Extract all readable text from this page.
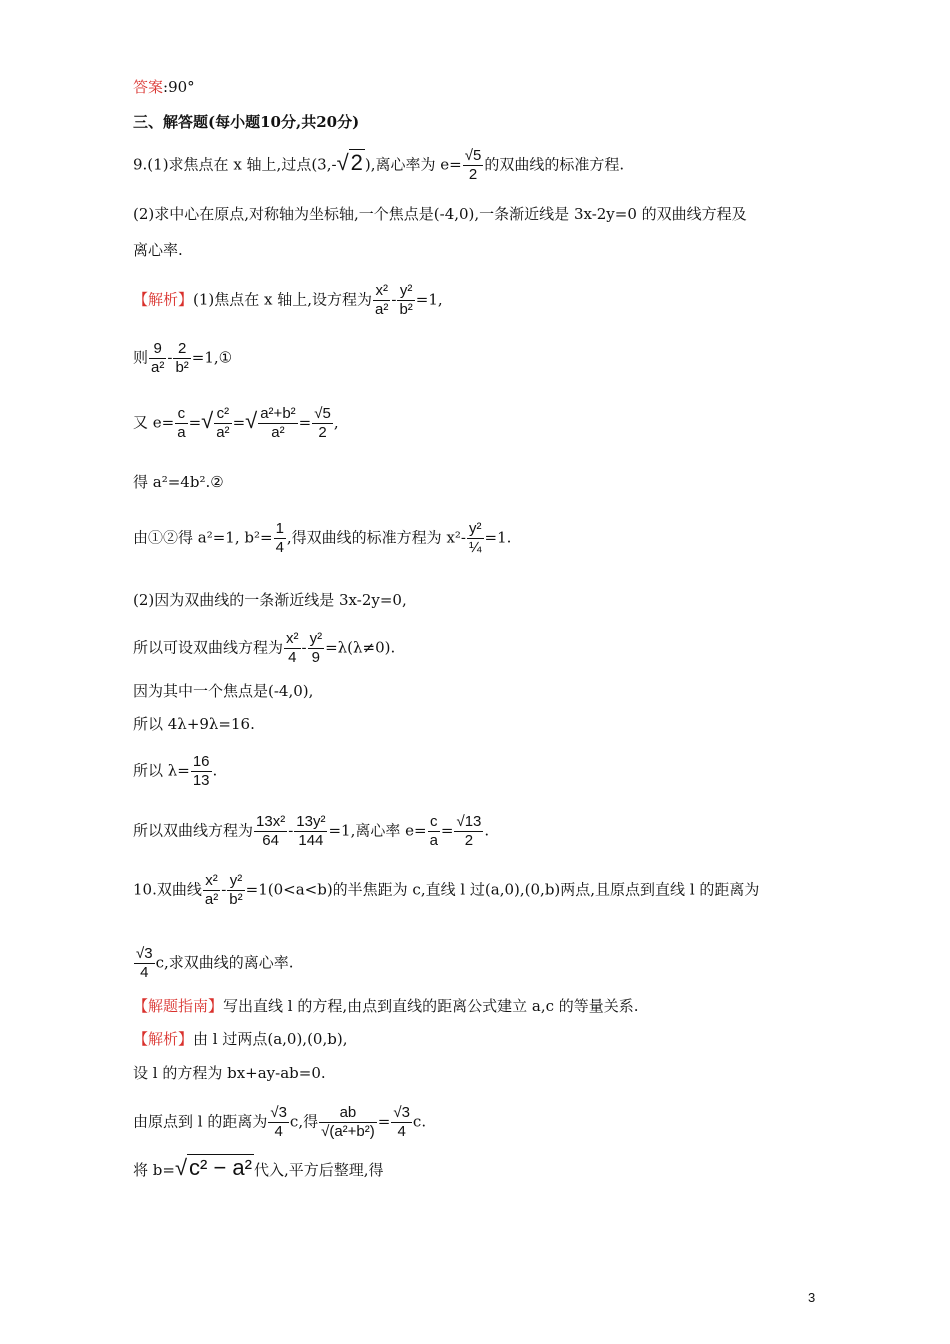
答案:90°
三、解答题(每小题10分,共20分)
9.(1)求焦点在 x 轴上,过点(3,-√2 ),离心率为 $e= \frac{√5}{2}$ 的双曲线的标准方程.
(2)求中心在原点,对称轴为坐标轴,一个焦点是(-4,0),一条渐近线是 3x-2y=0 的双曲线方程及
离心率.
【解析】(1)焦点在 x 轴上,设方程为 $\frac{\text{x²}}{\text{a²}} - \frac{\text{y²}}{\text{b²}} =1$,
则 $\frac{9}{\text{a²}} - \frac{2}{\text{b²}}$ =1,①
又 $e= \frac{c}{a}$ =√ $\frac{\text{c²}}{\text{a²}}$ =√ $\frac{\text{a²+b²}}{\text{a²}} = \frac{√5}{2}$ ,
得 a²=4b².②
由①②得 a²=1, $b^2= \frac{1}{4}$ ,得双曲线的标准方程为 $x^2- \frac{\text{y²}}{\text{¼}} =1$.
(2)因为双曲线的一条渐近线是 3x-2y=0,
所以可设双曲线方程为 $\frac{\text{x²}}{4} - \frac{\text{y²}}{9} =\lambda(\lambda\ne 0)$.
因为其中一个焦点是(-4,0),
所以 4λ+9λ=16.
所以 $\lambda= \frac{16}{13}$ .
所以双曲线方程为 $\frac{\text{13x²}}{64} - \frac{\text{13y²}}{144} =1$,离心率 $e= \frac{c}{a} = \frac{√13}{2}$ .
10.双曲线 $\frac{\text{x²}}{\text{a²}} - \frac{\text{y²}}{\text{b²}} =1(0<a<b)$的半焦距为 c,直线 l 过(a,0),(0,b)两点,且原点到直线 l 的距离为
$\frac{√3}{4} c$,求双曲线的离心率.
【解题指南】写出直线 l 的方程,由点到直线的距离公式建立 a,c 的等量关系.
【解析】由 l 过两点(a,0),(0,b),
设 l 的方程为 bx+ay-ab=0.
由原点到 l 的距离为 $\frac{√3}{4} c$,得 $\frac{ab}{\text{√(a²+b²)}} = \frac{√3}{4} c$.
将 b=√c² − a² 代入,平方后整理,得
3
